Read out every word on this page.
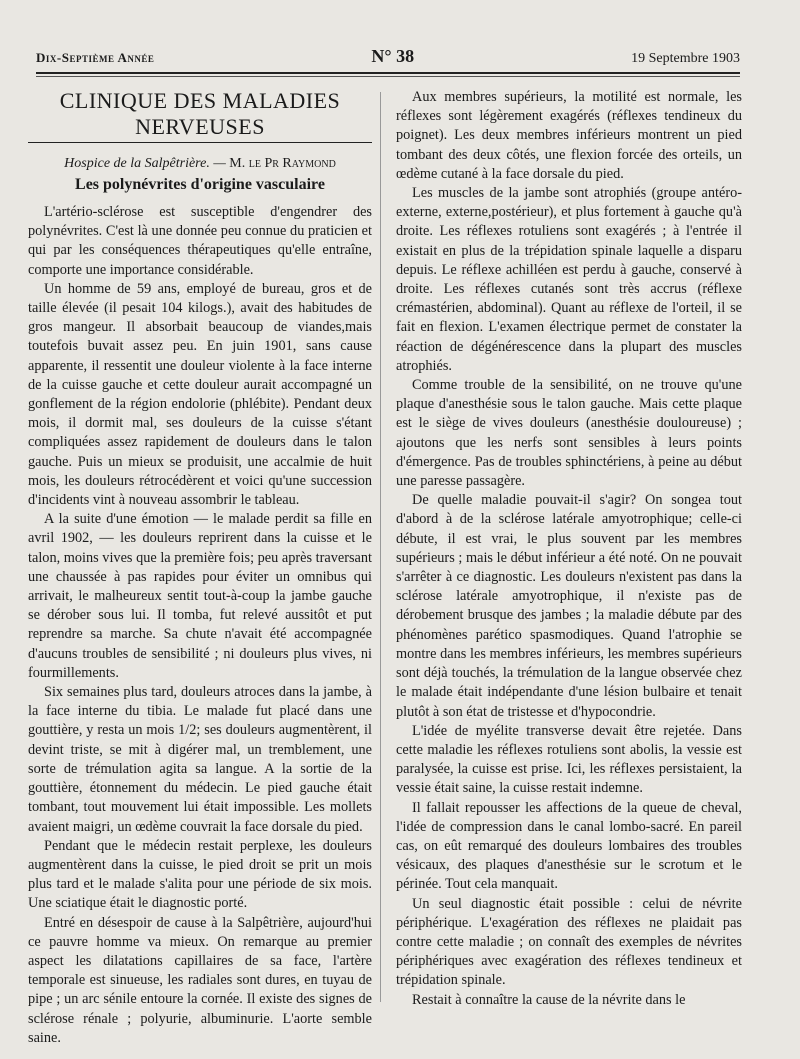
Dix-Septième Année	N° 38	19 Septembre 1903
CLINIQUE DES MALADIES NERVEUSES
Hospice de la Salpêtrière. — M. le Pr Raymond
Les polynévrites d'origine vasculaire

L'artério-sclérose est susceptible d'engendrer des polynévrites. C'est là une donnée peu connue du praticien et qui par les conséquences thérapeutiques qu'elle entraîne, comporte une importance considérable.

Un homme de 59 ans, employé de bureau, gros et de taille élevée (il pesait 104 kilogs.), avait des habitudes de gros mangeur. Il absorbait beaucoup de viandes,mais toutefois buvait assez peu. En juin 1901, sans cause apparente, il ressentit une douleur violente à la face interne de la cuisse gauche et cette douleur aurait accompagné un gonflement de la région endolorie (phlébite). Pendant deux mois, il dormit mal, ses douleurs de la cuisse s'étant compliquées assez rapidement de douleurs dans le talon gauche. Puis un mieux se produisit, une accalmie de huit mois, les douleurs rétrocédèrent et voici qu'une succession d'incidents vint à nouveau assombrir le tableau.

A la suite d'une émotion — le malade perdit sa fille en avril 1902, — les douleurs reprirent dans la cuisse et le talon, moins vives que la première fois; peu après traversant une chaussée à pas rapides pour éviter un omnibus qui arrivait, le malheureux sentit tout-à-coup la jambe gauche se dérober sous lui. Il tomba, fut relevé aussitôt et put reprendre sa marche. Sa chute n'avait été accompagnée d'aucuns troubles de sensibilité ; ni douleurs plus vives, ni fourmillements.

Six semaines plus tard, douleurs atroces dans la jambe, à la face interne du tibia. Le malade fut placé dans une gouttière, y resta un mois 1/2; ses douleurs augmentèrent, il devint triste, se mit à digérer mal, un tremblement, une sorte de trémulation agita sa langue. A la sortie de la gouttière, étonnement du médecin. Le pied gauche était tombant, tout mouvement lui était impossible. Les mollets avaient maigri, un œdème couvrait la face dorsale du pied.

Pendant que le médecin restait perplexe, les douleurs augmentèrent dans la cuisse, le pied droit se prit un mois plus tard et le malade s'alita pour une période de six mois. Une sciatique était le diagnostic porté.

Entré en désespoir de cause à la Salpêtrière, aujourd'hui ce pauvre homme va mieux. On remarque au premier aspect les dilatations capillaires de sa face, l'artère temporale est sinueuse, les radiales sont dures, en tuyau de pipe ; un arc sénile entoure la cornée. Il existe des signes de sclérose rénale ; polyurie, albuminurie. L'aorte semble saine.

Aux membres supérieurs, la motilité est normale, les réflexes sont légèrement exagérés (réflexes tendineux du poignet). Les deux membres inférieurs montrent un pied tombant des deux côtés, une flexion forcée des orteils, un œdème cutané à la face dorsale du pied.

Les muscles de la jambe sont atrophiés (groupe antéro-externe, externe,postérieur), et plus fortement à gauche qu'à droite. Les réflexes rotuliens sont exagérés ; à l'entrée il existait en plus de la trépidation spinale laquelle a disparu depuis. Le réflexe achilléen est perdu à gauche, conservé à droite. Les réflexes cutanés sont très accrus (réflexe crémastérien, abdominal). Quant au réflexe de l'orteil, il se fait en flexion. L'examen électrique permet de constater la réaction de dégénérescence dans la plupart des muscles atrophiés.

Comme trouble de la sensibilité, on ne trouve qu'une plaque d'anesthésie sous le talon gauche. Mais cette plaque est le siège de vives douleurs (anesthésie douloureuse) ; ajoutons que les nerfs sont sensibles à leurs points d'émergence. Pas de troubles sphinctériens, à peine au début une paresse passagère.

De quelle maladie pouvait-il s'agir? On songea tout d'abord à de la sclérose latérale amyotrophique; celle-ci débute, il est vrai, le plus souvent par les membres supérieurs ; mais le début inférieur a été noté. On ne pouvait s'arrêter à ce diagnostic. Les douleurs n'existent pas dans la sclérose latérale amyotrophique, il n'existe pas de dérobement brusque des jambes ; la maladie débute par des phénomènes parético spasmodiques. Quand l'atrophie se montre dans les membres inférieurs, les membres supérieurs sont déjà touchés, la trémulation de la langue observée chez le malade était indépendante d'une lésion bulbaire et tenait plutôt à son état de tristesse et d'hypocondrie.

L'idée de myélite transverse devait être rejetée. Dans cette maladie les réflexes rotuliens sont abolis, la vessie est paralysée, la cuisse est prise. Ici, les réflexes persistaient, la vessie était saine, la cuisse restait indemne.

Il fallait repousser les affections de la queue de cheval, l'idée de compression dans le canal lombo-sacré. En pareil cas, on eût remarqué des douleurs lombaires des troubles vésicaux, des plaques d'anesthésie sur le scrotum et le périnée. Tout cela manquait.

Un seul diagnostic était possible : celui de névrite périphérique. L'exagération des réflexes ne plaidait pas contre cette maladie ; on connaît des exemples de névrites périphériques avec exagération des réflexes tendineux et trépidation spinale.

Restait à connaître la cause de la névrite dans le
